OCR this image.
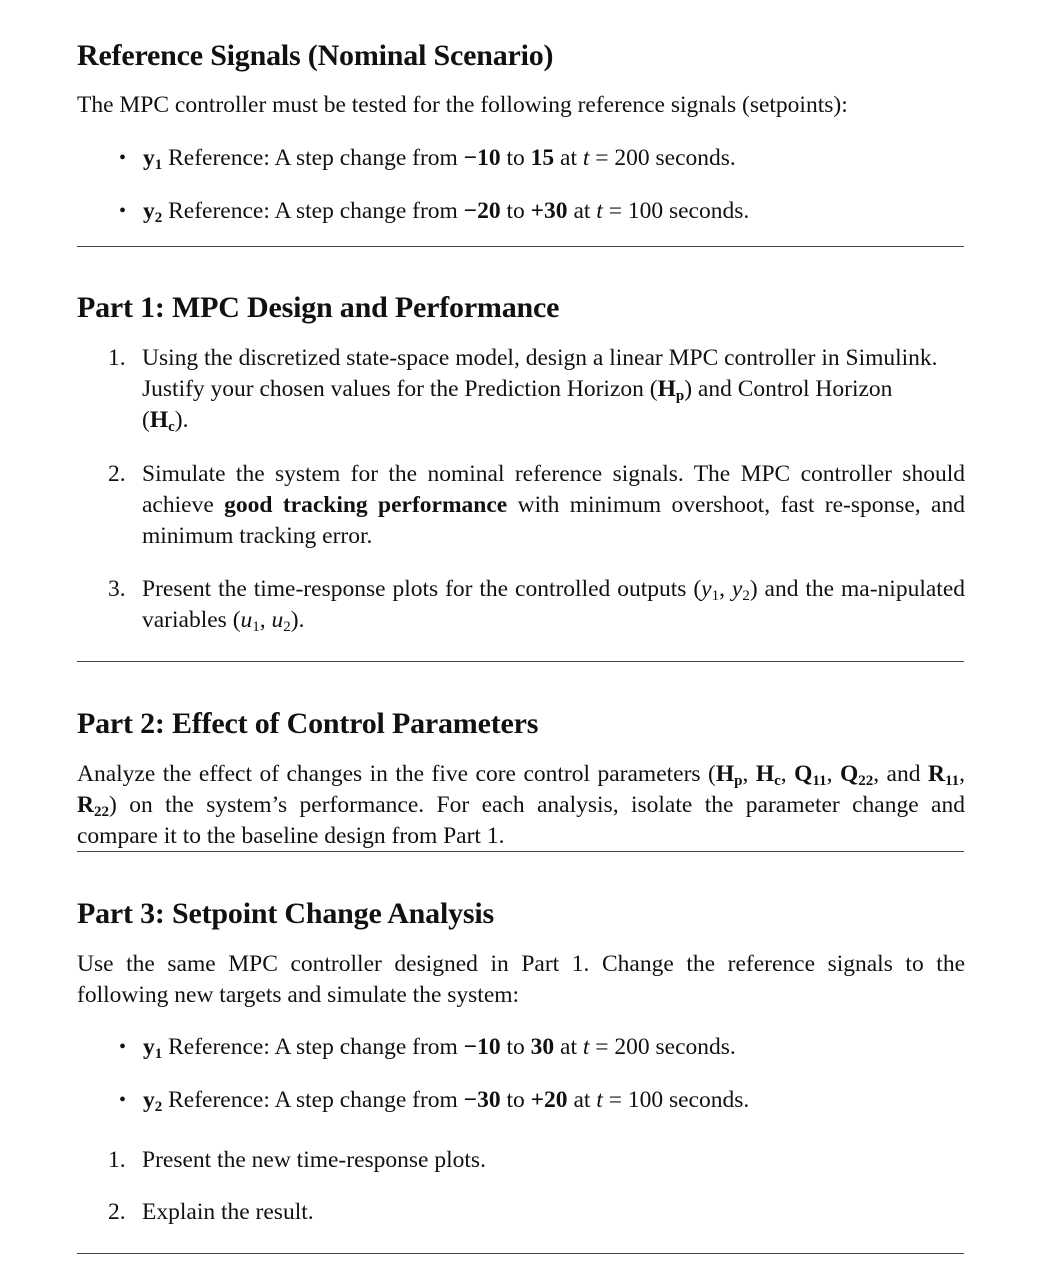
Reference Signals (Nominal Scenario)

The MPC controller must be tested for the following reference signals (setpoints):

• $y_1$ Reference: A step change from −10 to 15 at t = 200 seconds.
• $y_2$ Reference: A step change from −20 to +30 at t = 100 seconds.
Part 1: MPC Design and Performance
1. Using the discretized state-space model, design a linear MPC controller in Simulink.
Justify your chosen values for the Prediction Horizon $(H_p)$ and Control Horizon
$(H_c)$.
2. Simulate the system for the nominal reference signals. The MPC controller should achieve good tracking performance with minimum overshoot, fast re-sponse, and minimum tracking error.
3. Present the time-response plots for the controlled outputs ($y_1$, $y_2$) and the ma-nipulated variables ($u_1$, $u_2$).
Part 2: Effect of Control Parameters
Analyze the effect of changes in the five core control parameters ($H_p$, $H_c$, $Q_{11}$, $Q_{22}$, and $R_{11}$, $R_{22}$) on the system’s performance. For each analysis, isolate the parameter change and compare it to the baseline design from Part 1.
Part 3: Setpoint Change Analysis

Use the same MPC controller designed in Part 1. Change the reference signals to the following new targets and simulate the system:

• $y_1$ Reference: A step change from −10 to 30 at t = 200 seconds.
• $y_2$ Reference: A step change from −30 to +20 at t = 100 seconds.
1. Present the new time-response plots.
2. Explain the result.
